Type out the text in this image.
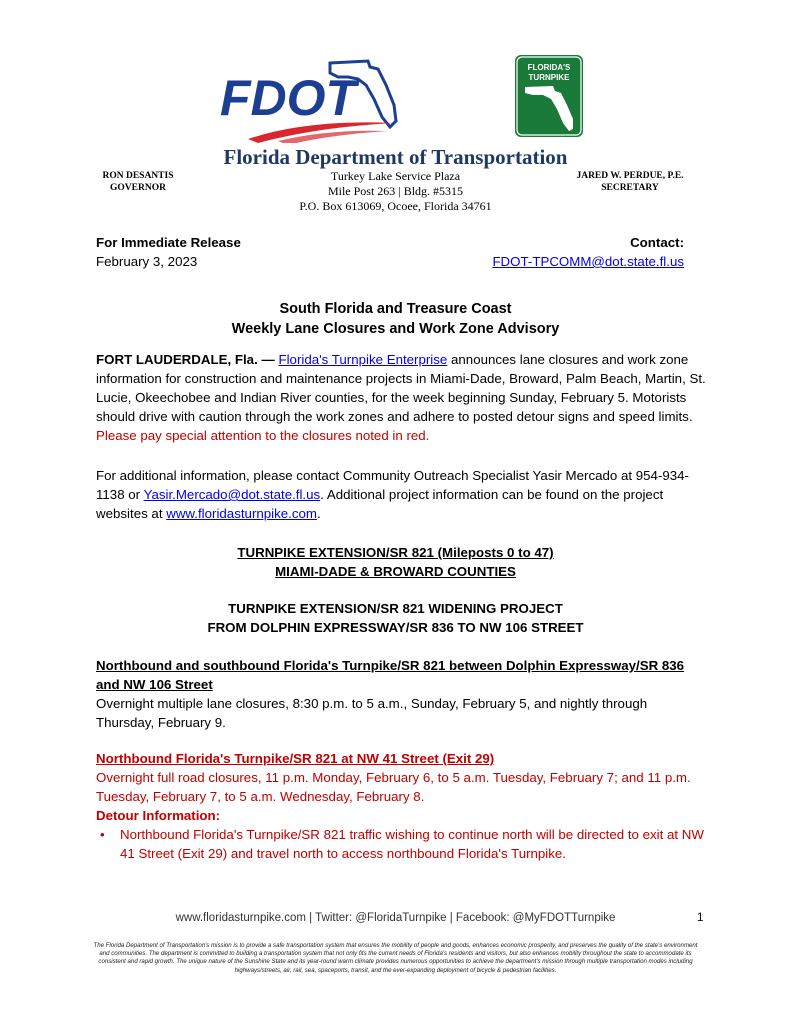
FDOT
FLORIDA'S
TURNPIKE
Florida Department of Transportation
RON DESANTIS
GOVERNOR
Turkey Lake Service Plaza
Mile Post 263 | Bldg. #5315
P.O. Box 613069, Ocoee, Florida 34761
JARED W. PERDUE, P.E.
SECRETARY
For Immediate Release
February 3, 2023
Contact:
FDOT-TPCOMM@dot.state.fl.us
South Florida and Treasure Coast
Weekly Lane Closures and Work Zone Advisory
FORT LAUDERDALE, Fla. — Florida's Turnpike Enterprise announces lane closures and work zone information for construction and maintenance projects in Miami-Dade, Broward, Palm Beach, Martin, St. Lucie, Okeechobee and Indian River counties, for the week beginning Sunday, February 5. Motorists should drive with caution through the work zones and adhere to posted detour signs and speed limits. Please pay special attention to the closures noted in red.
For additional information, please contact Community Outreach Specialist Yasir Mercado at 954-934-1138 or Yasir.Mercado@dot.state.fl.us. Additional project information can be found on the project websites at www.floridasturnpike.com.
TURNPIKE EXTENSION/SR 821 (Mileposts 0 to 47)
MIAMI-DADE & BROWARD COUNTIES
TURNPIKE EXTENSION/SR 821 WIDENING PROJECT
FROM DOLPHIN EXPRESSWAY/SR 836 TO NW 106 STREET
Northbound and southbound Florida's Turnpike/SR 821 between Dolphin Expressway/SR 836 and NW 106 Street
Overnight multiple lane closures, 8:30 p.m. to 5 a.m., Sunday, February 5, and nightly through Thursday, February 9.
Northbound Florida's Turnpike/SR 821 at NW 41 Street (Exit 29)
Overnight full road closures, 11 p.m. Monday, February 6, to 5 a.m. Tuesday, February 7; and 11 p.m. Tuesday, February 7, to 5 a.m. Wednesday, February 8.
Detour Information:
•	Northbound Florida's Turnpike/SR 821 traffic wishing to continue north will be directed to exit at NW 41 Street (Exit 29) and travel north to access northbound Florida's Turnpike.
www.floridasturnpike.com | Twitter: @FloridaTurnpike | Facebook: @MyFDOTTurnpike	1
The Florida Department of Transportation's mission is to provide a safe transportation system that ensures the mobility of people and goods, enhances economic prosperity, and preserves the quality of the state's environment and communities. The department is committed to building a transportation system that not only fits the current needs of Florida's residents and visitors, but also enhances mobility throughout the state to accommodate its consistent and rapid growth. The unique nature of the Sunshine State and its year-round warm climate provides numerous opportunities to achieve the department's mission through multiple transportation modes including highways/streets, air, rail, sea, spaceports, transit, and the ever-expanding deployment of bicycle & pedestrian facilities.
